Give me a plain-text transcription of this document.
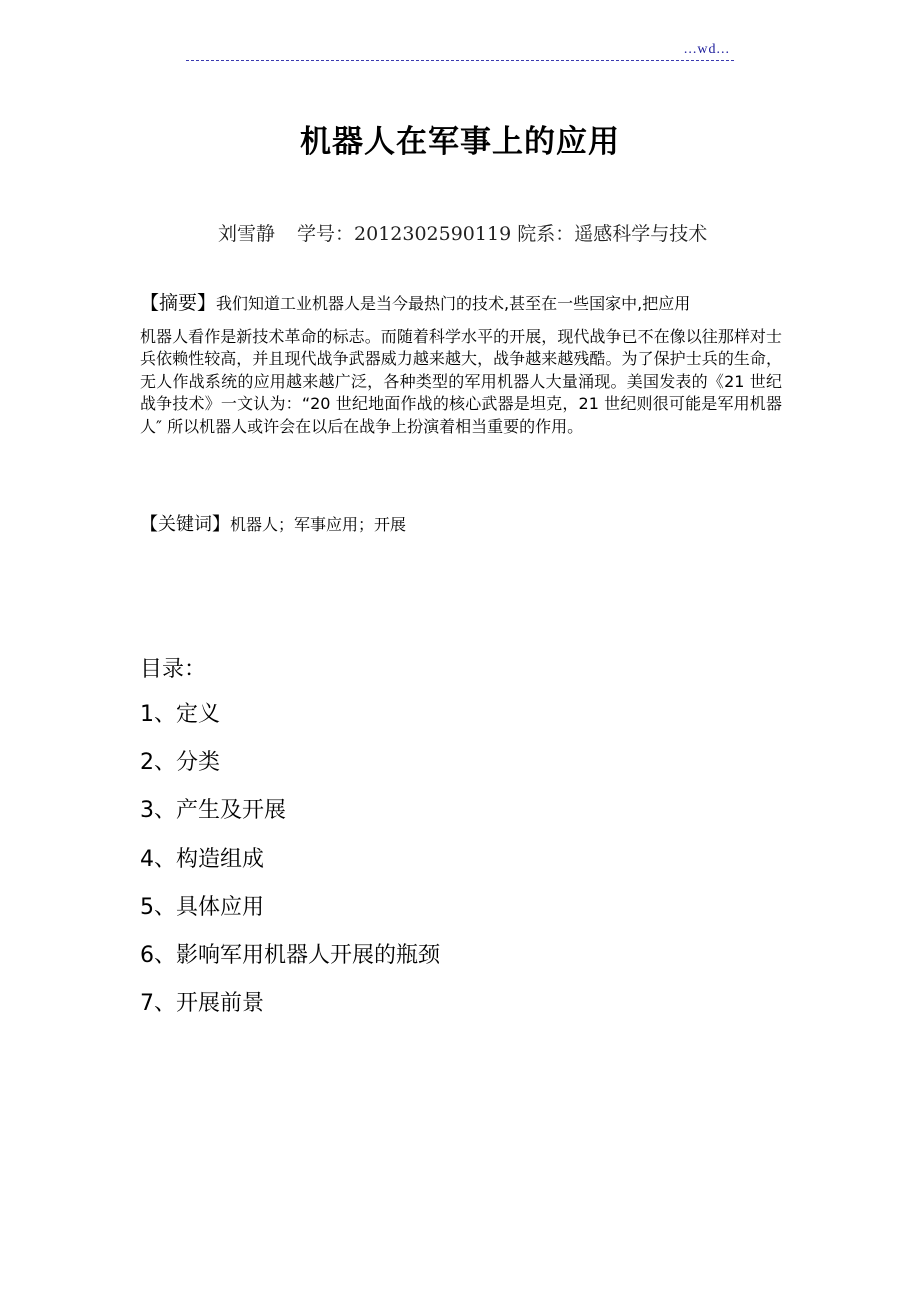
...wd...
机器人在军事上的应用
刘雪静 学号：2012302590119 院系：遥感科学与技术
【摘要】我们知道工业机器人是当今最热门的技术,甚至在一些国家中,把应用
机器人看作是新技术革命的标志。而随着科学水平的开展，现代战争已不在像以往那样对士兵依赖性较高，并且现代战争武器威力越来越大，战争越来越残酷。为了保护士兵的生命，无人作战系统的应用越来越广泛，各种类型的军用机器人大量涌现。美国发表的《21 世纪战争技术》一文认为：“20 世纪地面作战的核心武器是坦克，21 世纪则很可能是军用机器人″ 所以机器人或许会在以后在战争上扮演着相当重要的作用。
【关键词】机器人；军事应用；开展
目录：
1、定义
2、分类
3、产生及开展
4、构造组成
5、具体应用
6、影响军用机器人开展的瓶颈
7、开展前景
